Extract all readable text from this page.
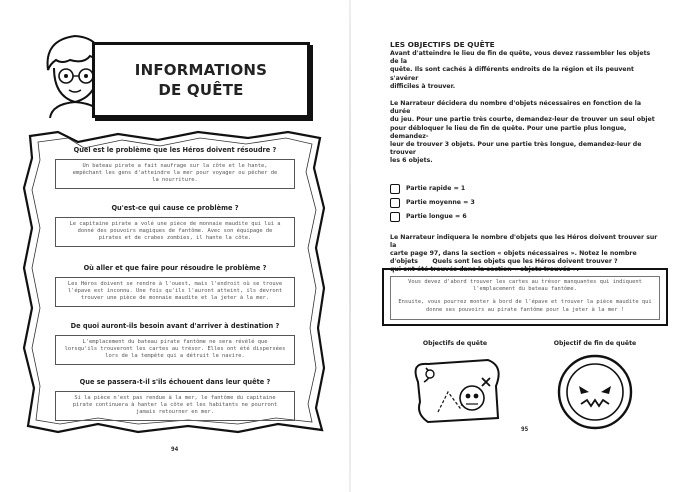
INFORMATIONS
DE QUÊTE
Quel est le problème que les Héros doivent résoudre ?
Un bateau pirate a fait naufrage sur la côte et le hante,
empêchant les gens d'atteindre la mer pour voyager ou pêcher de
la nourriture.
Qu'est-ce qui cause ce problème ?
Le capitaine pirate a volé une pièce de monnaie maudite qui lui a
donné des pouvoirs magiques de fantôme. Avec son équipage de
pirates et de crabes zombies, il hante la côte.
Où aller et que faire pour résoudre le problème ?
Les Héros doivent se rendre à l'ouest, mais l'endroit où se trouve
l'épave est inconnu. Une fois qu'ils l'auront atteint, ils devront
trouver une pièce de monnaie maudite et la jeter à la mer.
De quoi auront-ils besoin avant d'arriver à destination ?
L'emplacement du bateau pirate fantôme ne sera révélé que
lorsqu'ils trouveront les cartes au trésor. Elles ont été dispersées
lors de la tempête qui a détruit le navire.
Que se passera-t-il s'ils échouent dans leur quête ?
Si la pièce n'est pas rendue à la mer, le fantôme du capitaine
pirate continuera à hanter la côte et les habitants ne pourront
jamais retourner en mer.
94
LES OBJECTIFS DE QUÊTE
Avant d'atteindre le lieu de fin de quête, vous devez rassembler les objets de la
quête. Ils sont cachés à différents endroits de la région et ils peuvent s'avérer
difficiles à trouver.
Le Narrateur décidera du nombre d'objets nécessaires en fonction de la durée
du jeu. Pour une partie très courte, demandez-leur de trouver un seul objet
pour débloquer le lieu de fin de quête. Pour une partie plus longue, demandez-
leur de trouver 3 objets. Pour une partie très longue, demandez-leur de trouver
les 6 objets.
Partie rapide = 1
Partie moyenne = 3
Partie longue = 6
Le Narrateur indiquera le nombre d'objets que les Héros doivent trouver sur la
carte page 97, dans la section « objets nécessaires ». Notez le nombre d'objets
qui ont été trouvés dans la section « objets trouvés ».
Quels sont les objets que les Héros doivent trouver ?
Vous devez d'abord trouver les cartes au trésor manquantes qui indiquent
l'emplacement du bateau fantôme.
Ensuite, vous pourrez monter à bord de l'épave et trouver la pièce maudite qui
donne ses pouvoirs au pirate fantôme pour la jeter à la mer !
Objectifs de quête	Objectif de fin de quête
95
